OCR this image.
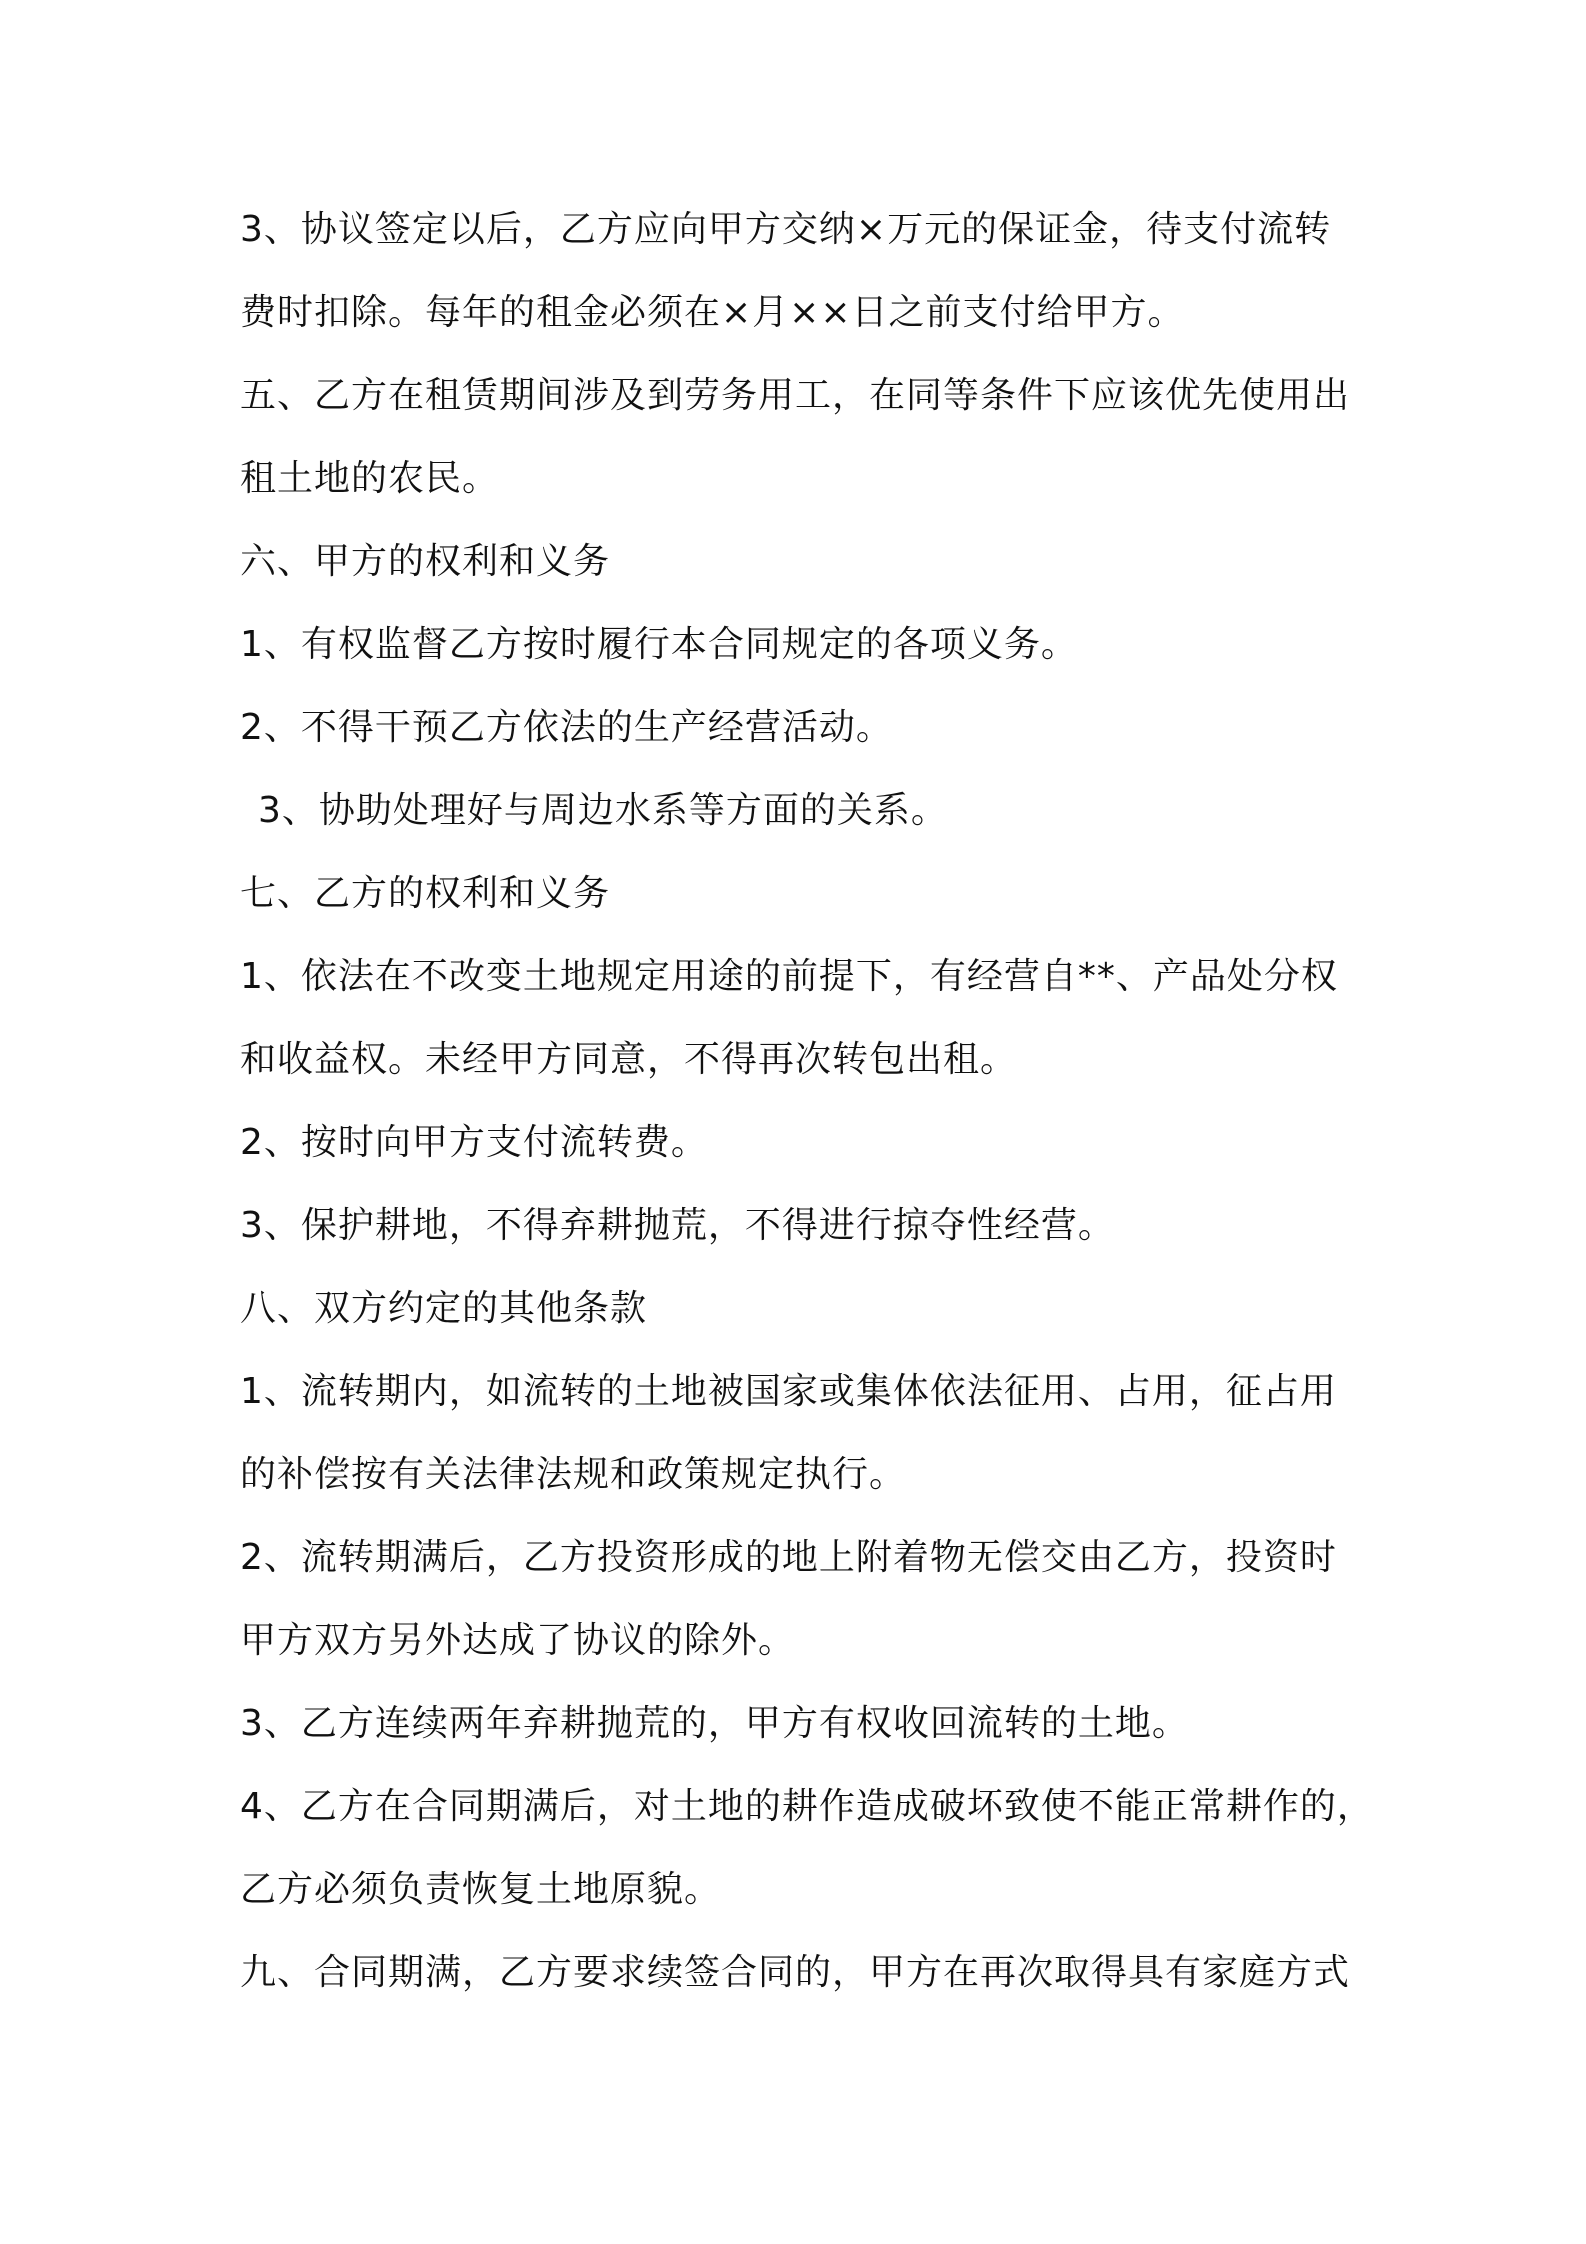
3、协议签定以后，乙方应向甲方交纳×万元的保证金，待支付流转
费时扣除。每年的租金必须在×月××日之前支付给甲方。
五、乙方在租赁期间涉及到劳务用工，在同等条件下应该优先使用出
租土地的农民。
六、甲方的权利和义务
1、有权监督乙方按时履行本合同规定的各项义务。
2、不得干预乙方依法的生产经营活动。
3、协助处理好与周边水系等方面的关系。
七、乙方的权利和义务
1、依法在不改变土地规定用途的前提下，有经营自**、产品处分权
和收益权。未经甲方同意，不得再次转包出租。
2、按时向甲方支付流转费。
3、保护耕地，不得弃耕抛荒，不得进行掠夺性经营。
八、双方约定的其他条款
1、流转期内，如流转的土地被国家或集体依法征用、占用，征占用
的补偿按有关法律法规和政策规定执行。
2、流转期满后，乙方投资形成的地上附着物无偿交由乙方，投资时
甲方双方另外达成了协议的除外。
3、乙方连续两年弃耕抛荒的，甲方有权收回流转的土地。
4、乙方在合同期满后，对土地的耕作造成破坏致使不能正常耕作的，
乙方必须负责恢复土地原貌。
九、合同期满，乙方要求续签合同的，甲方在再次取得具有家庭方式
